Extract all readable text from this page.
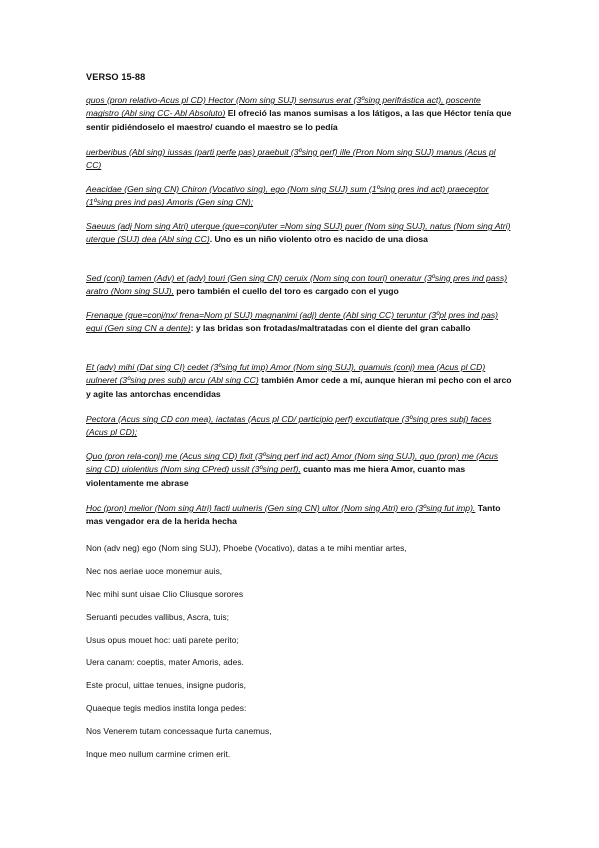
VERSO 15-88
quos (pron relativo-Acus pl CD) Hector (Nom sing SUJ) sensurus erat (3ºsing perifrástica act), poscente magistro (Abl sing CC- Abl Absoluto) El ofreció las manos sumisas a los látigos, a las que Héctor tenía que sentir pidiéndoselo el maestro/ cuando el maestro se lo pedía
uerberibus (Abl sing) iussas (parti perfe pas) praebuit (3ºsing perf) ille (Pron Nom sing SUJ) manus (Acus pl CC)
Aeacidae (Gen sing CN) Chiron (Vocativo sing), ego (Nom sing SUJ) sum (1ºsing pres ind act) praeceptor (1ºsing pres ind pas) Amoris (Gen sing CN);
Saeuus (adj Nom sing Atri) uterque (que=conj/uter =Nom sing SUJ) puer (Nom sing SUJ), natus (Nom sing Atri) uterque (SUJ) dea (Abl sing CC). Uno es un niño violento otro es nacido de una diosa
Sed (conj) tamen (Adv) et (adv) touri (Gen sing CN) ceruix (Nom sing con touri) oneratur (3ºsing pres ind pass) aratro (Nom sing SUJ), pero también el cuello del toro es cargado con el yugo
Frenaque (que=conj/nx/ frena=Nom pl SUJ) magnanimi (adj) dente (Abl sing CC) teruntur (3ºpl pres ind pas) equi (Gen sing CN a dente): y las bridas son frotadas/maltratadas con el diente del gran caballo
Et (adv) mihi (Dat sing CI) cedet (3ºsing fut imp) Amor (Nom sing SUJ), quamuis (conj) mea (Acus pl CD) uulneret (3ºsing pres subj) arcu (Abl sing CC) también Amor cede a mí, aunque hieran mi pecho con el arco y agite las antorchas encendidas
Pectora (Acus sing CD con mea), iactatas (Acus pl CD/ participio perf) excutiatque (3ºsing pres subj) faces (Acus pl CD);
Quo (pron rela-conj) me (Acus sing CD) fixit (3ºsing perf ind act) Amor (Nom sing SUJ), quo (pron) me (Acus sing CD) uiolentius (Nom sing CPred) ussit (3ºsing perf), cuanto mas me hiera Amor, cuanto mas violentamente me abrase
Hoc (pron) melior (Nom sing Atri) facti uulneris (Gen sing CN) ultor (Nom sing Atri) ero (3ºsing fut imp). Tanto mas vengador era de la herida hecha
Non (adv neg) ego (Nom sing SUJ), Phoebe (Vocativo), datas a te mihi mentiar artes,
Nec nos aeriae uoce monemur auis,
Nec mihi sunt uisae Clio Cliusque sorores
Seruanti pecudes vallibus, Ascra, tuis;
Usus opus mouet hoc: uati parete perito;
Uera canam: coeptis, mater Amoris, ades.
Este procul, uittae tenues, insigne pudoris,
Quaeque tegis medios instita longa pedes:
Nos Venerem tutam concessaque furta canemus,
Inque meo nullum carmine crimen erit.
